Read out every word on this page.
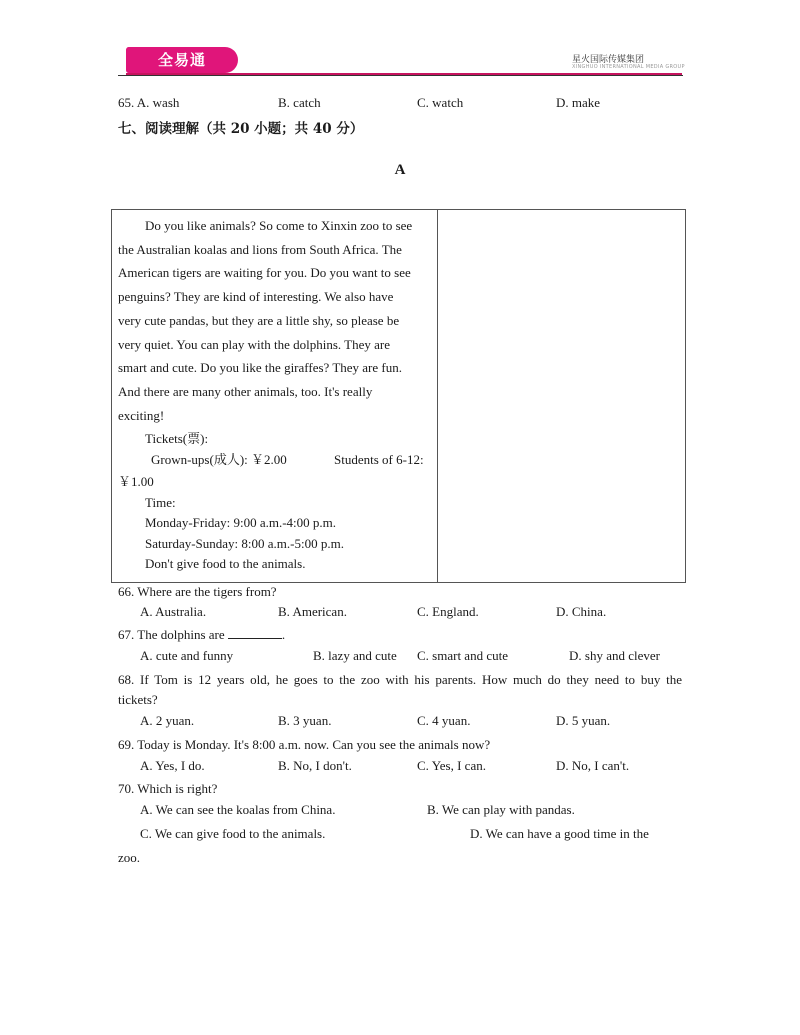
全易通	星火国际传媒集团
XINGHUO INTERNATIONAL MEDIA GROUP
65. A. wash	B. catch	C. watch	D. make
七、阅读理解（共 20 小题；共 40 分）
A
Do you like animals? So come to Xinxin zoo to see
the Australian koalas and lions from South Africa. The
American tigers are waiting for you. Do you want to see
penguins? They are kind of interesting. We also have
very cute pandas, but they are a little shy, so please be
very quiet. You can play with the dolphins. They are
smart and cute. Do you like the giraffes? They are fun.
And there are many other animals, too. It's really
exciting!
Tickets(票):
Grown-ups(成人): ￥2.00	Students of 6-12:
￥1.00
Time:
Monday-Friday: 9:00 a.m.-4:00 p.m.
Saturday-Sunday: 8:00 a.m.-5:00 p.m.
Don't give food to the animals.
66. Where are the tigers from?
A. Australia.	B. American.	C. England.	D. China.
67. The dolphins are	.
A. cute and funny	B. lazy and cute C. smart and cute	D. shy and clever
68. If Tom is 12 years old, he goes to the zoo with his parents. How much do they need to buy the
tickets?
A. 2 yuan.	B. 3 yuan.	C. 4 yuan.	D. 5 yuan.
69. Today is Monday. It's 8:00 a.m. now. Can you see the animals now?
A. Yes, I do.	B. No, I don't.	C. Yes, I can.	D. No, I can't.
70. Which is right?
A. We can see the koalas from China.	B. We can play with pandas.
C. We can give food to the animals.	D. We can have a good time in the
zoo.
